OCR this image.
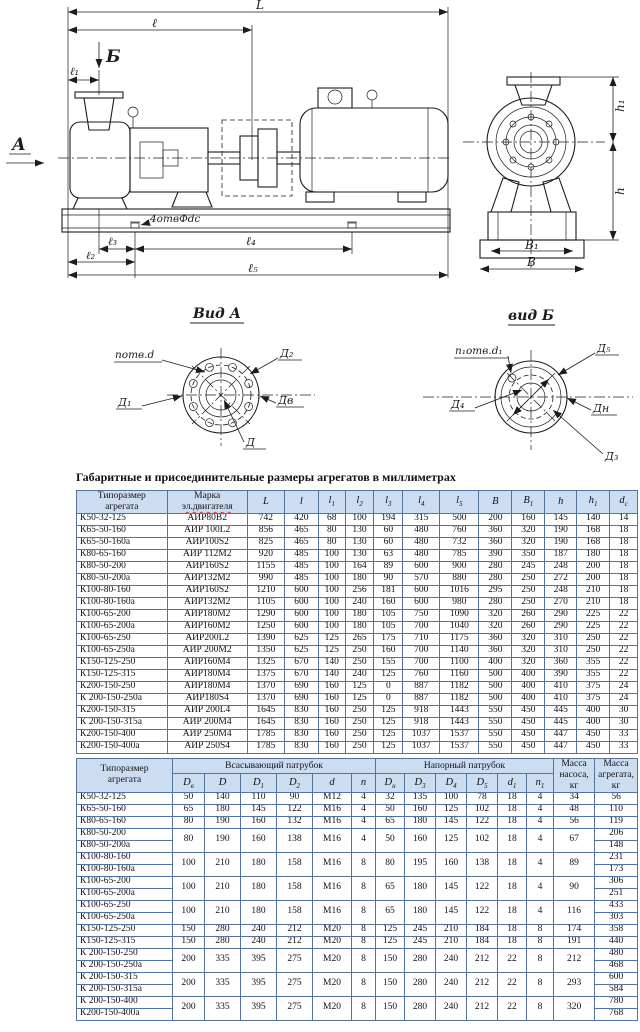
L
ℓ
ℓ₁
Б
А
4отвФdc
ℓ₃	ℓ₄
ℓ₂
ℓ₅
h₁
h
В₁
В
Вид А
nотв.d	Д₂
Д₁	Дв
Д
вид Б
n₁отв.d₁	Д₅
Д₄	Дн
Д₃
Габаритные и присоединительные размеры агрегатов в миллиметрах
Типоразмер
агрегата	Марка
эл.двигателя	L	l	$l_1$	$l_2$	$l_3$	$l_4$	$l_5$	B	$B_1$	h	$h_1$	$d_c$
К50-32-125	АИР80В2	742	420	68	100	194	315	500	200	160	145	140	14
К65-50-160	АИР 100L2	856	465	80	130	60	480	760	360	320	190	168	18
К65-50-160а	АИР100S2	825	465	80	130	60	480	732	360	320	190	168	18
К80-65-160	АИР 112М2	920	485	100	130	63	480	785	390	350	187	180	18
К80-50-200	АИР160S2	1155	485	100	164	89	600	900	280	245	248	200	18
К80-50-200а	АИР132М2	990	485	100	180	90	570	880	280	250	272	200	18
К100-80-160	АИР160S2	1210	600	100	256	181	600	1016	295	250	248	210	18
К100-80-160а	АИР132М2	1105	600	100	240	160	600	980	280	250	270	210	18
К100-65-200	АИР180М2	1290	600	100	180	105	750	1090	320	260	290	225	22
К100-65-200а	АИР160М2	1250	600	100	180	105	700	1040	320	260	290	225	22
К100-65-250	АИР200L2	1390	625	125	265	175	710	1175	360	320	310	250	22
К100-65-250а	АИР 200М2	1350	625	125	250	160	700	1140	360	320	310	250	22
К150-125-250	АИР160М4	1325	670	140	250	155	700	1100	400	320	360	355	22
К150-125-315	АИР180М4	1375	670	140	240	125	760	1160	500	400	390	355	22
К200-150-250	АИР180М4	1370	690	160	125	0	887	1182	500	400	410	375	24
К 200-150-250а	АИР180S4	1370	690	160	125	0	887	1182	500	400	410	375	24
К200-150-315	АИР 200L4	1645	830	160	250	125	918	1443	550	450	445	400	30
К 200-150-315а	АИР 200М4	1645	830	160	250	125	918	1443	550	450	445	400	30
К200-150-400	АИР 250М4	1785	830	160	250	125	1037	1537	550	450	447	450	33
К200-150-400а	АИР 250S4	1785	830	160	250	125	1037	1537	550	450	447	450	33
Типоразмер
агрегата	Всасывающий патрубок						Напорный патрубок						Масса насоса, кг	Масса агрегата, кг
	$D_в$	D	$D_1$	$D_2$	d	n	$D_н$	$D_3$	$D_4$	$D_5$	$d_1$	$n_1$
К50-32-125	50	140	110	90	М12	4	32	135	100	78	18	4	34	56
К65-50-160	65	180	145	122	М16	4	50	160	125	102	18	4	48	110
К80-65-160	80	190	160	132	М16	4	65	180	145	122	18	4	56	119
К80-50-200	80	190	160	138	М16	4	50	160	125	102	18	4	67	206
К80-50-200а														148
К100-80-160	100	210	180	158	М16	8	80	195	160	138	18	4	89	231
К100-80-160а														173
К100-65-200	100	210	180	158	М16	8	65	180	145	122	18	4	90	306
К100-65-200а														251
К100-65-250	100	210	180	158	М16	8	65	180	145	122	18	4	116	433
К100-65-250а														303
К150-125-250	150	280	240	212	М20	8	125	245	210	184	18	8	174	358
К150-125-315	150	280	240	212	М20	8	125	245	210	184	18	8	191	440
К 200-150-250	200	335	395	275	М20	8	150	280	240	212	22	8	212	480
К 200-150-250а														468
К 200-150-315	200	335	395	275	М20	8	150	280	240	212	22	8	293	600
К 200-150-315а														584
К 200-150-400	200	335	395	275	М20	8	150	280	240	212	22	8	320	780
К200-150-400а														768
